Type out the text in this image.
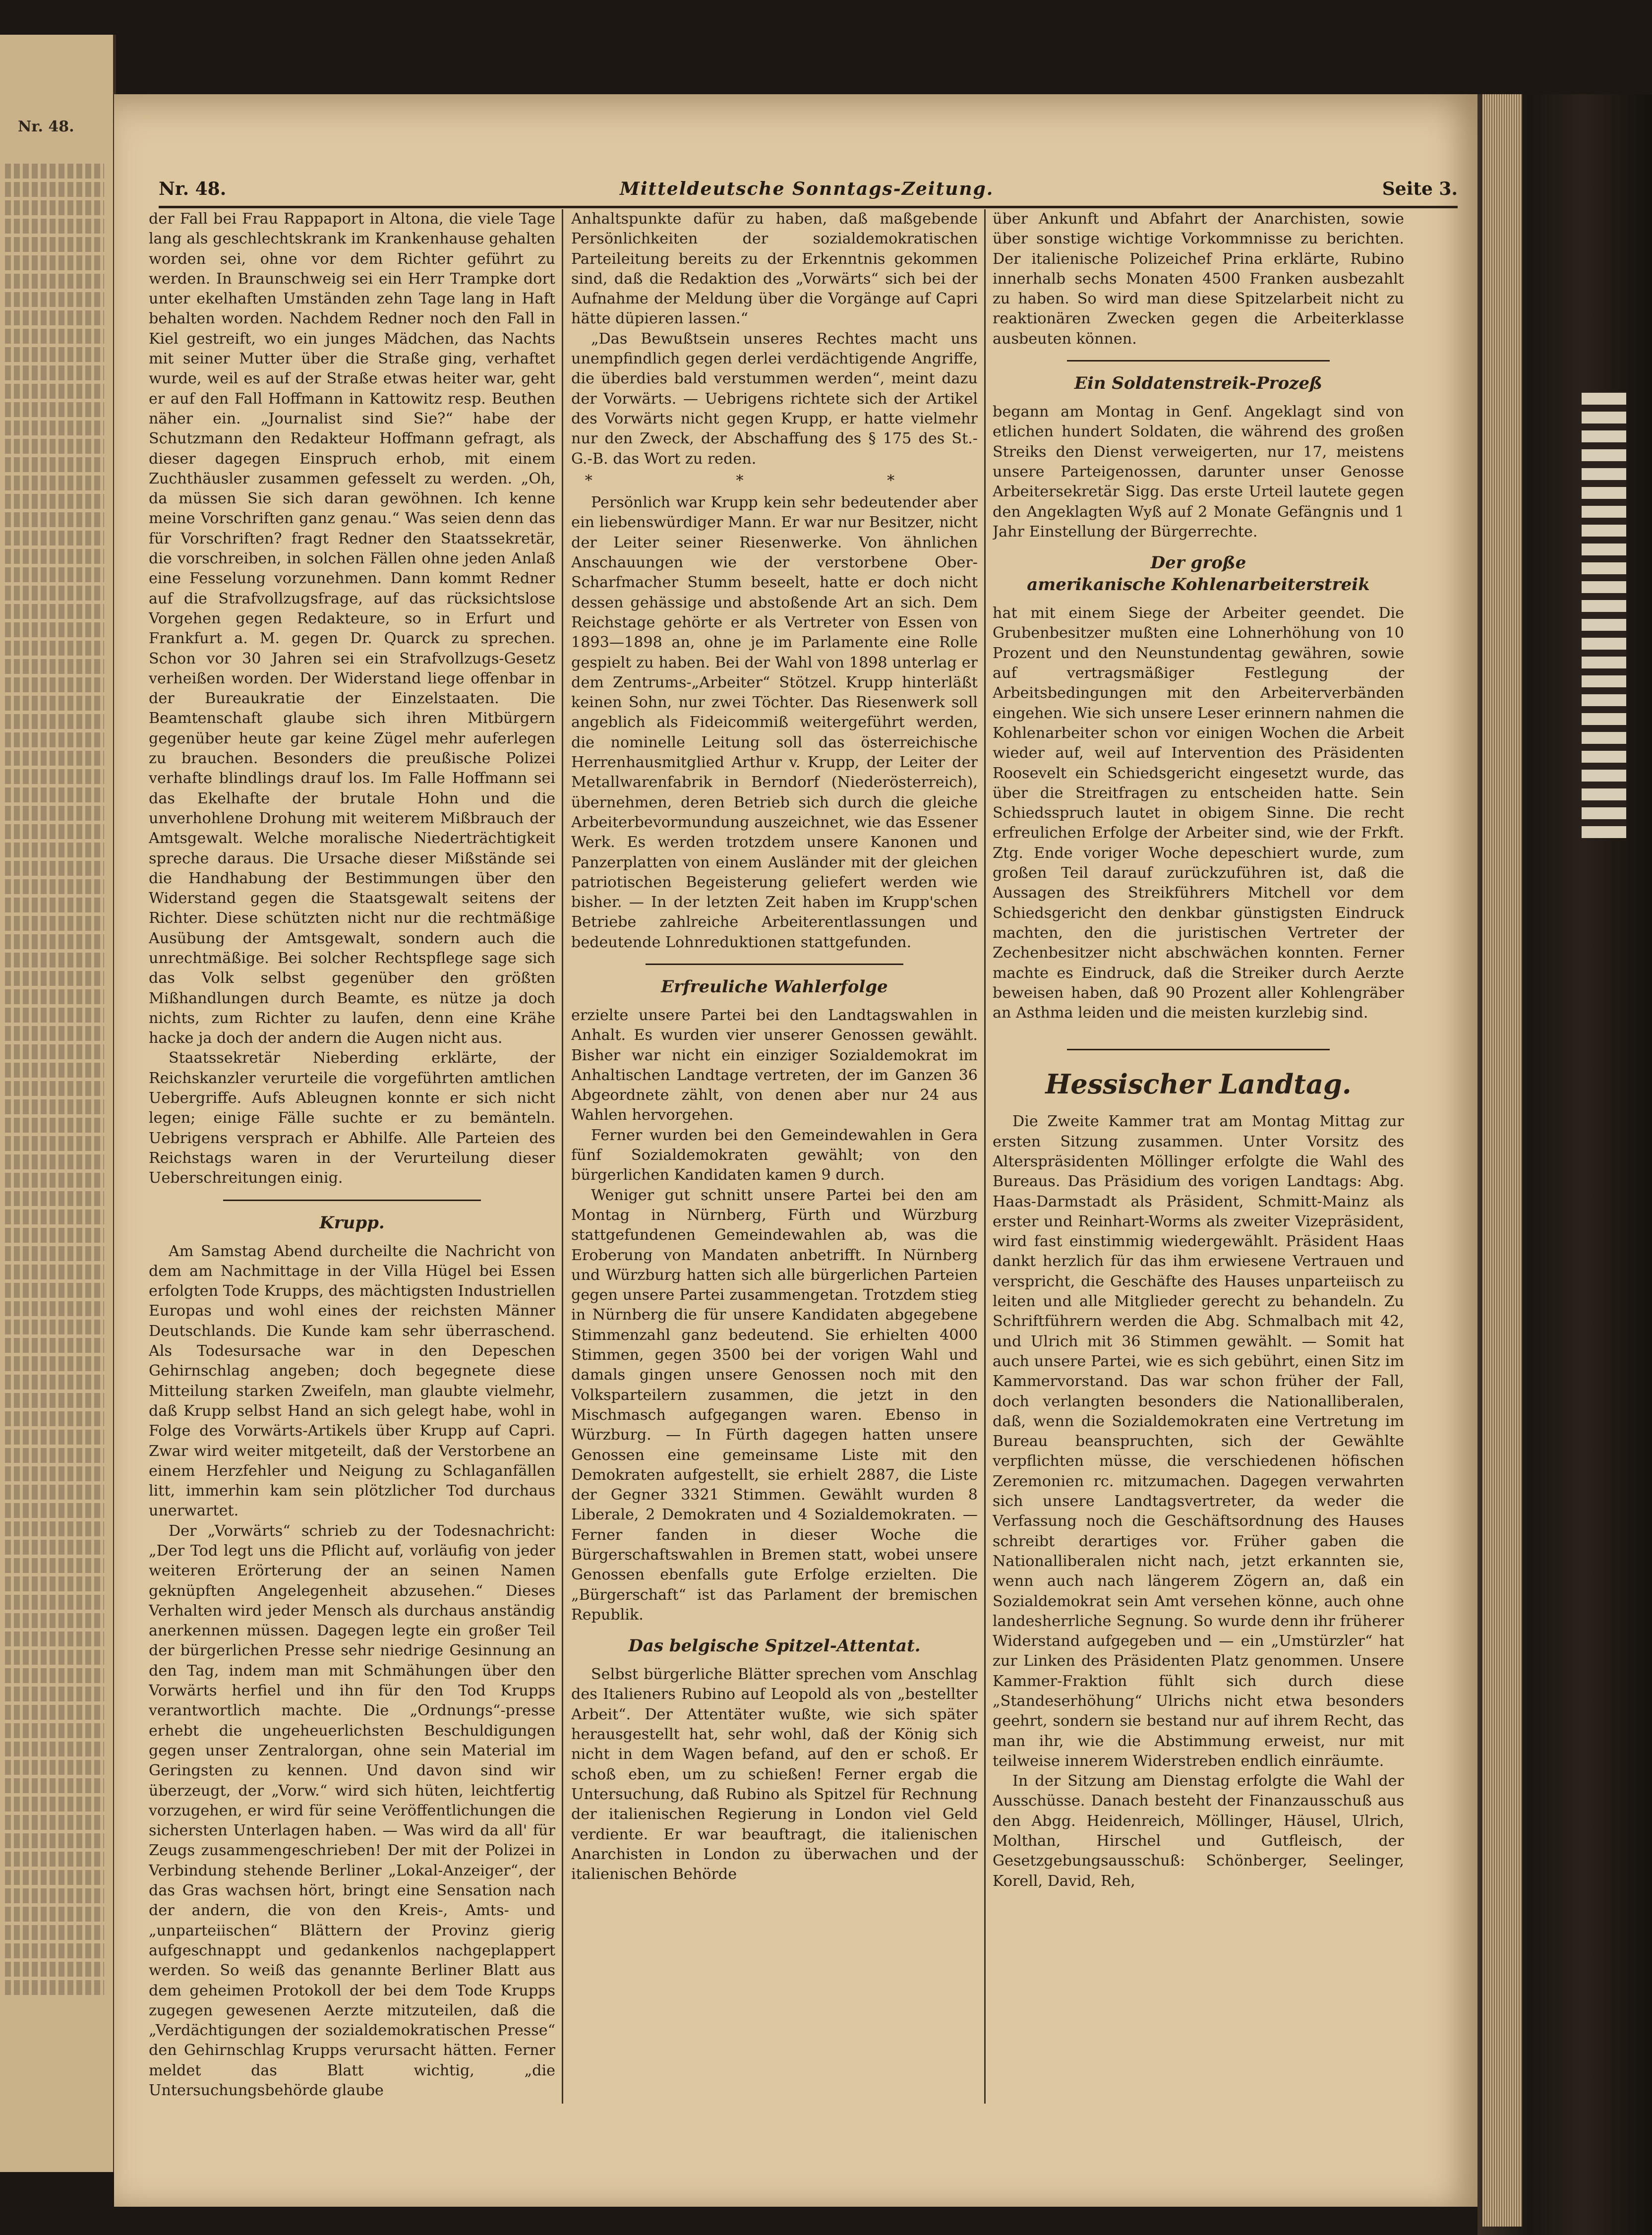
Nr. 48.
Nr. 48.	Mitteldeutsche Sonntags-Zeitung.	Seite 3.

der Fall bei Frau Rappaport in Altona, die viele Tage lang als geschlechtskrank im Krankenhause gehalten worden sei, ohne vor dem Richter geführt zu werden. In Braunschweig sei ein Herr Trampke dort unter ekelhaften Umständen zehn Tage lang in Haft behalten worden. Nachdem Redner noch den Fall in Kiel gestreift, wo ein junges Mädchen, das Nachts mit seiner Mutter über die Straße ging, verhaftet wurde, weil es auf der Straße etwas heiter war, geht er auf den Fall Hoffmann in Kattowitz resp. Beuthen näher ein. „Journalist sind Sie?“ habe der Schutzmann den Redakteur Hoffmann gefragt, als dieser dagegen Einspruch erhob, mit einem Zuchthäusler zusammen gefesselt zu werden. „Oh, da müssen Sie sich daran gewöhnen. Ich kenne meine Vorschriften ganz genau.“ Was seien denn das für Vorschriften? fragt Redner den Staatssekretär, die vorschreiben, in solchen Fällen ohne jeden Anlaß eine Fesselung vorzunehmen. Dann kommt Redner auf die Strafvollzugsfrage, auf das rücksichtslose Vorgehen gegen Redakteure, so in Erfurt und Frankfurt a. M. gegen Dr. Quarck zu sprechen. Schon vor 30 Jahren sei ein Strafvollzugs-Gesetz verheißen worden. Der Widerstand liege offenbar in der Bureaukratie der Einzelstaaten. Die Beamtenschaft glaube sich ihren Mitbürgern gegenüber heute gar keine Zügel mehr auferlegen zu brauchen. Besonders die preußische Polizei verhafte blindlings drauf los. Im Falle Hoffmann sei das Ekelhafte der brutale Hohn und die unverhohlene Drohung mit weiterem Mißbrauch der Amtsgewalt. Welche moralische Niederträchtigkeit spreche daraus. Die Ursache dieser Mißstände sei die Handhabung der Bestimmungen über den Widerstand gegen die Staatsgewalt seitens der Richter. Diese schützten nicht nur die rechtmäßige Ausübung der Amtsgewalt, sondern auch die unrechtmäßige. Bei solcher Rechtspflege sage sich das Volk selbst gegenüber den größten Mißhandlungen durch Beamte, es nütze ja doch nichts, zum Richter zu laufen, denn eine Krähe hacke ja doch der andern die Augen nicht aus.

Staatssekretär Nieberding erklärte, der Reichskanzler verurteile die vorgeführten amtlichen Uebergriffe. Aufs Ableugnen konnte er sich nicht legen; einige Fälle suchte er zu bemänteln. Uebrigens versprach er Abhilfe. Alle Parteien des Reichstags waren in der Verurteilung dieser Ueberschreitungen einig.

Krupp.

Am Samstag Abend durcheilte die Nachricht von dem am Nachmittage in der Villa Hügel bei Essen erfolgten Tode Krupps, des mächtigsten Industriellen Europas und wohl eines der reichsten Männer Deutschlands. Die Kunde kam sehr überraschend. Als Todesursache war in den Depeschen Gehirnschlag angeben; doch begegnete diese Mitteilung starken Zweifeln, man glaubte vielmehr, daß Krupp selbst Hand an sich gelegt habe, wohl in Folge des Vorwärts-Artikels über Krupp auf Capri. Zwar wird weiter mitgeteilt, daß der Verstorbene an einem Herzfehler und Neigung zu Schlaganfällen litt, immerhin kam sein plötzlicher Tod durchaus unerwartet.

Der „Vorwärts“ schrieb zu der Todesnachricht: „Der Tod legt uns die Pflicht auf, vorläufig von jeder weiteren Erörterung der an seinen Namen geknüpften Angelegenheit abzusehen.“ Dieses Verhalten wird jeder Mensch als durchaus anständig anerkennen müssen. Dagegen legte ein großer Teil der bürgerlichen Presse sehr niedrige Gesinnung an den Tag, indem man mit Schmähungen über den Vorwärts herfiel und ihn für den Tod Krupps verantwortlich machte. Die „Ordnungs“-presse erhebt die ungeheuerlichsten Beschuldigungen gegen unser Zentralorgan, ohne sein Material im Geringsten zu kennen. Und davon sind wir überzeugt, der „Vorw.“ wird sich hüten, leichtfertig vorzugehen, er wird für seine Veröffentlichungen die sichersten Unterlagen haben. — Was wird da all' für Zeugs zusammengeschrieben! Der mit der Polizei in Verbindung stehende Berliner „Lokal-Anzeiger“, der das Gras wachsen hört, bringt eine Sensation nach der andern, die von den Kreis-, Amts- und „unparteiischen“ Blättern der Provinz gierig aufgeschnappt und gedankenlos nachgeplappert werden. So weiß das genannte Berliner Blatt aus dem geheimen Protokoll der bei dem Tode Krupps zugegen gewesenen Aerzte mitzuteilen, daß die „Verdächtigungen der sozialdemokratischen Presse“ den Gehirnschlag Krupps verursacht hätten. Ferner meldet das Blatt wichtig, „die Untersuchungsbehörde glaube

Anhaltspunkte dafür zu haben, daß maßgebende Persönlichkeiten der sozialdemokratischen Parteileitung bereits zu der Erkenntnis gekommen sind, daß die Redaktion des „Vorwärts“ sich bei der Aufnahme der Meldung über die Vorgänge auf Capri hätte düpieren lassen.“

„Das Bewußtsein unseres Rechtes macht uns unempfindlich gegen derlei verdächtigende Angriffe, die überdies bald verstummen werden“, meint dazu der Vorwärts. — Uebrigens richtete sich der Artikel des Vorwärts nicht gegen Krupp, er hatte vielmehr nur den Zweck, der Abschaffung des § 175 des St.-G.-B. das Wort zu reden.

* * *

Persönlich war Krupp kein sehr bedeutender aber ein liebenswürdiger Mann. Er war nur Besitzer, nicht der Leiter seiner Riesenwerke. Von ähnlichen Anschauungen wie der verstorbene Ober-Scharfmacher Stumm beseelt, hatte er doch nicht dessen gehässige und abstoßende Art an sich. Dem Reichstage gehörte er als Vertreter von Essen von 1893—1898 an, ohne je im Parlamente eine Rolle gespielt zu haben. Bei der Wahl von 1898 unterlag er dem Zentrums-„Arbeiter“ Stötzel. Krupp hinterläßt keinen Sohn, nur zwei Töchter. Das Riesenwerk soll angeblich als Fideicommiß weitergeführt werden, die nominelle Leitung soll das österreichische Herrenhausmitglied Arthur v. Krupp, der Leiter der Metallwarenfabrik in Berndorf (Niederösterreich), übernehmen, deren Betrieb sich durch die gleiche Arbeiterbevormundung auszeichnet, wie das Essener Werk. Es werden trotzdem unsere Kanonen und Panzerplatten von einem Ausländer mit der gleichen patriotischen Begeisterung geliefert werden wie bisher. — In der letzten Zeit haben im Krupp'schen Betriebe zahlreiche Arbeiterentlassungen und bedeutende Lohnreduktionen stattgefunden.

Erfreuliche Wahlerfolge

erzielte unsere Partei bei den Landtagswahlen in Anhalt. Es wurden vier unserer Genossen gewählt. Bisher war nicht ein einziger Sozialdemokrat im Anhaltischen Landtage vertreten, der im Ganzen 36 Abgeordnete zählt, von denen aber nur 24 aus Wahlen hervorgehen.

Ferner wurden bei den Gemeindewahlen in Gera fünf Sozialdemokraten gewählt; von den bürgerlichen Kandidaten kamen 9 durch.

Weniger gut schnitt unsere Partei bei den am Montag in Nürnberg, Fürth und Würzburg stattgefundenen Gemeindewahlen ab, was die Eroberung von Mandaten anbetrifft. In Nürnberg und Würzburg hatten sich alle bürgerlichen Parteien gegen unsere Partei zusammengetan. Trotzdem stieg in Nürnberg die für unsere Kandidaten abgegebene Stimmenzahl ganz bedeutend. Sie erhielten 4000 Stimmen, gegen 3500 bei der vorigen Wahl und damals gingen unsere Genossen noch mit den Volksparteilern zusammen, die jetzt in den Mischmasch aufgegangen waren. Ebenso in Würzburg. — In Fürth dagegen hatten unsere Genossen eine gemeinsame Liste mit den Demokraten aufgestellt, sie erhielt 2887, die Liste der Gegner 3321 Stimmen. Gewählt wurden 8 Liberale, 2 Demokraten und 4 Sozialdemokraten. — Ferner fanden in dieser Woche die Bürgerschaftswahlen in Bremen statt, wobei unsere Genossen ebenfalls gute Erfolge erzielten. Die „Bürgerschaft“ ist das Parlament der bremischen Republik.

Das belgische Spitzel-Attentat.

Selbst bürgerliche Blätter sprechen vom Anschlag des Italieners Rubino auf Leopold als von „bestellter Arbeit“. Der Attentäter wußte, wie sich später herausgestellt hat, sehr wohl, daß der König sich nicht in dem Wagen befand, auf den er schoß. Er schoß eben, um zu schießen! Ferner ergab die Untersuchung, daß Rubino als Spitzel für Rechnung der italienischen Regierung in London viel Geld verdiente. Er war beauftragt, die italienischen Anarchisten in London zu überwachen und der italienischen Behörde

über Ankunft und Abfahrt der Anarchisten, sowie über sonstige wichtige Vorkommnisse zu berichten. Der italienische Polizeichef Prina erklärte, Rubino innerhalb sechs Monaten 4500 Franken ausbezahlt zu haben. So wird man diese Spitzelarbeit nicht zu reaktionären Zwecken gegen die Arbeiterklasse ausbeuten können.

Ein Soldatenstreik-Prozeß

begann am Montag in Genf. Angeklagt sind von etlichen hundert Soldaten, die während des großen Streiks den Dienst verweigerten, nur 17, meistens unsere Parteigenossen, darunter unser Genosse Arbeitersekretär Sigg. Das erste Urteil lautete gegen den Angeklagten Wyß auf 2 Monate Gefängnis und 1 Jahr Einstellung der Bürgerrechte.

Der große
amerikanische Kohlenarbeiterstreik

hat mit einem Siege der Arbeiter geendet. Die Grubenbesitzer mußten eine Lohnerhöhung von 10 Prozent und den Neunstundentag gewähren, sowie auf vertragsmäßiger Festlegung der Arbeitsbedingungen mit den Arbeiterverbänden eingehen. Wie sich unsere Leser erinnern nahmen die Kohlenarbeiter schon vor einigen Wochen die Arbeit wieder auf, weil auf Intervention des Präsidenten Roosevelt ein Schiedsgericht eingesetzt wurde, das über die Streitfragen zu entscheiden hatte. Sein Schiedsspruch lautet in obigem Sinne. Die recht erfreulichen Erfolge der Arbeiter sind, wie der Frkft. Ztg. Ende voriger Woche depeschiert wurde, zum großen Teil darauf zurückzuführen ist, daß die Aussagen des Streikführers Mitchell vor dem Schiedsgericht den denkbar günstigsten Eindruck machten, den die juristischen Vertreter der Zechenbesitzer nicht abschwächen konnten. Ferner machte es Eindruck, daß die Streiker durch Aerzte beweisen haben, daß 90 Prozent aller Kohlengräber an Asthma leiden und die meisten kurzlebig sind.

Hessischer Landtag.

Die Zweite Kammer trat am Montag Mittag zur ersten Sitzung zusammen. Unter Vorsitz des Alterspräsidenten Möllinger erfolgte die Wahl des Bureaus. Das Präsidium des vorigen Landtags: Abg. Haas-Darmstadt als Präsident, Schmitt-Mainz als erster und Reinhart-Worms als zweiter Vizepräsident, wird fast einstimmig wiedergewählt. Präsident Haas dankt herzlich für das ihm erwiesene Vertrauen und verspricht, die Geschäfte des Hauses unparteiisch zu leiten und alle Mitglieder gerecht zu behandeln. Zu Schriftführern werden die Abg. Schmalbach mit 42, und Ulrich mit 36 Stimmen gewählt. — Somit hat auch unsere Partei, wie es sich gebührt, einen Sitz im Kammervorstand. Das war schon früher der Fall, doch verlangten besonders die Nationalliberalen, daß, wenn die Sozialdemokraten eine Vertretung im Bureau beanspruchten, sich der Gewählte verpflichten müsse, die verschiedenen höfischen Zeremonien rc. mitzumachen. Dagegen verwahrten sich unsere Landtagsvertreter, da weder die Verfassung noch die Geschäftsordnung des Hauses schreibt derartiges vor. Früher gaben die Nationalliberalen nicht nach, jetzt erkannten sie, wenn auch nach längerem Zögern an, daß ein Sozialdemokrat sein Amt versehen könne, auch ohne landesherrliche Segnung. So wurde denn ihr früherer Widerstand aufgegeben und — ein „Umstürzler“ hat zur Linken des Präsidenten Platz genommen. Unsere Kammer-Fraktion fühlt sich durch diese „Standeserhöhung“ Ulrichs nicht etwa besonders geehrt, sondern sie bestand nur auf ihrem Recht, das man ihr, wie die Abstimmung erweist, nur mit teilweise innerem Widerstreben endlich einräumte.

In der Sitzung am Dienstag erfolgte die Wahl der Ausschüsse. Danach besteht der Finanzausschuß aus den Abgg. Heidenreich, Möllinger, Häusel, Ulrich, Molthan, Hirschel und Gutfleisch, der Gesetzgebungsausschuß: Schönberger, Seelinger, Korell, David, Reh,
